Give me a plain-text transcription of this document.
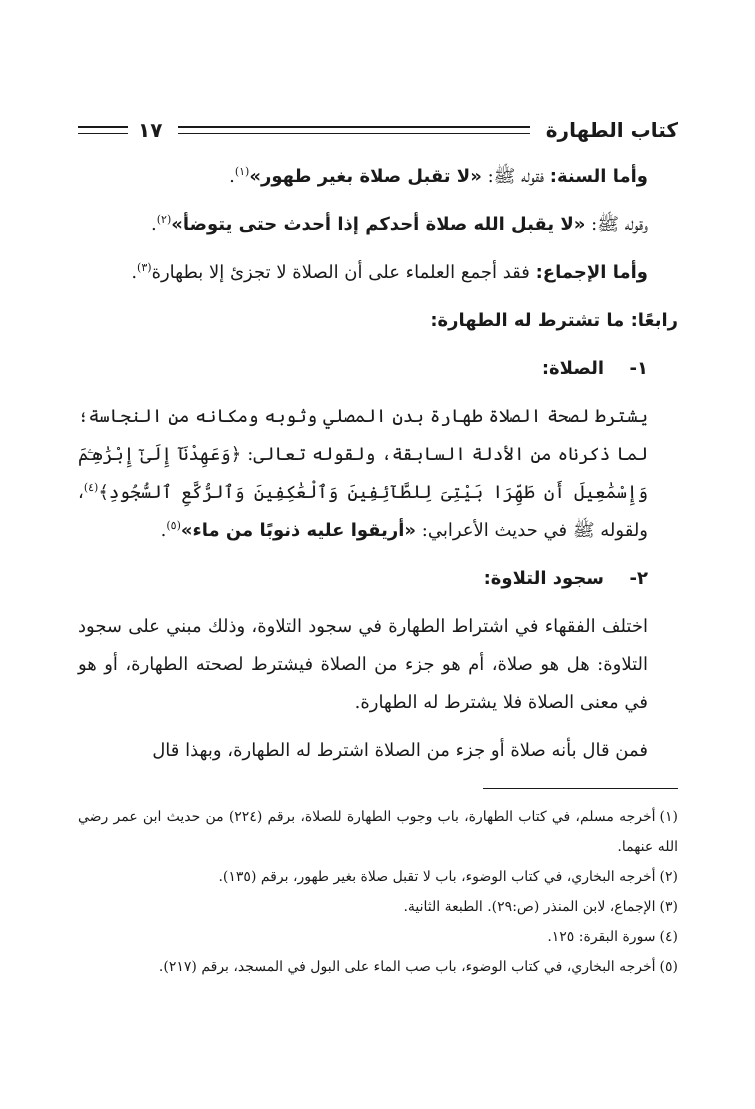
كتاب الطهارة
١٧

وأما السنة: فقوله ﷺ: «لا تقبل صلاة بغير طهور»$^{(١)}$.

وقوله ﷺ: «لا يقبل الله صلاة أحدكم إذا أحدث حتى يتوضأ»$^{(٢)}$.

وأما الإجماع: فقد أجمع العلماء على أن الصلاة لا تجزئ إلا بطهارة$^{(٣)}$.

رابعًا: ما تشترط له الطهارة:

١-الصلاة:

يشترط لصحة الصلاة طهارة بدن المصلي وثوبه ومكانه من النجاسة؛ لما ذكرناه من الأدلة السابقة، ولقوله تعالى: ﴿وَعَهِدْنَآ إِلَىٰٓ إِبْرَٰهِـۧمَ وَإِسْمَٰعِيلَ أَن طَهِّرَا بَيْتِىَ لِلطَّآئِفِينَ وَٱلْعَٰكِفِينَ وَٱلرُّكَّعِ ٱلسُّجُودِ﴾$^{(٤)}$، ولقوله ﷺ في حديث الأعرابي: «أريقوا عليه ذنوبًا من ماء»$^{(٥)}$.

٢-سجود التلاوة:

اختلف الفقهاء في اشتراط الطهارة في سجود التلاوة، وذلك مبني على سجود التلاوة: هل هو صلاة، أم هو جزء من الصلاة فيشترط لصحته الطهارة، أو هو في معنى الصلاة فلا يشترط له الطهارة.

فمن قال بأنه صلاة أو جزء من الصلاة اشترط له الطهارة، وبهذا قال

(١)أخرجه مسلم، في كتاب الطهارة، باب وجوب الطهارة للصلاة، برقم (٢٢٤) من حديث ابن عمر رضي الله عنهما.

(٢)أخرجه البخاري، في كتاب الوضوء، باب لا تقبل صلاة بغير طهور، برقم (١٣٥).

(٣)الإجماع، لابن المنذر (ص:٢٩). الطبعة الثانية.

(٤)سورة البقرة: ١٢٥.

(٥)أخرجه البخاري، في كتاب الوضوء، باب صب الماء على البول في المسجد، برقم (٢١٧).
